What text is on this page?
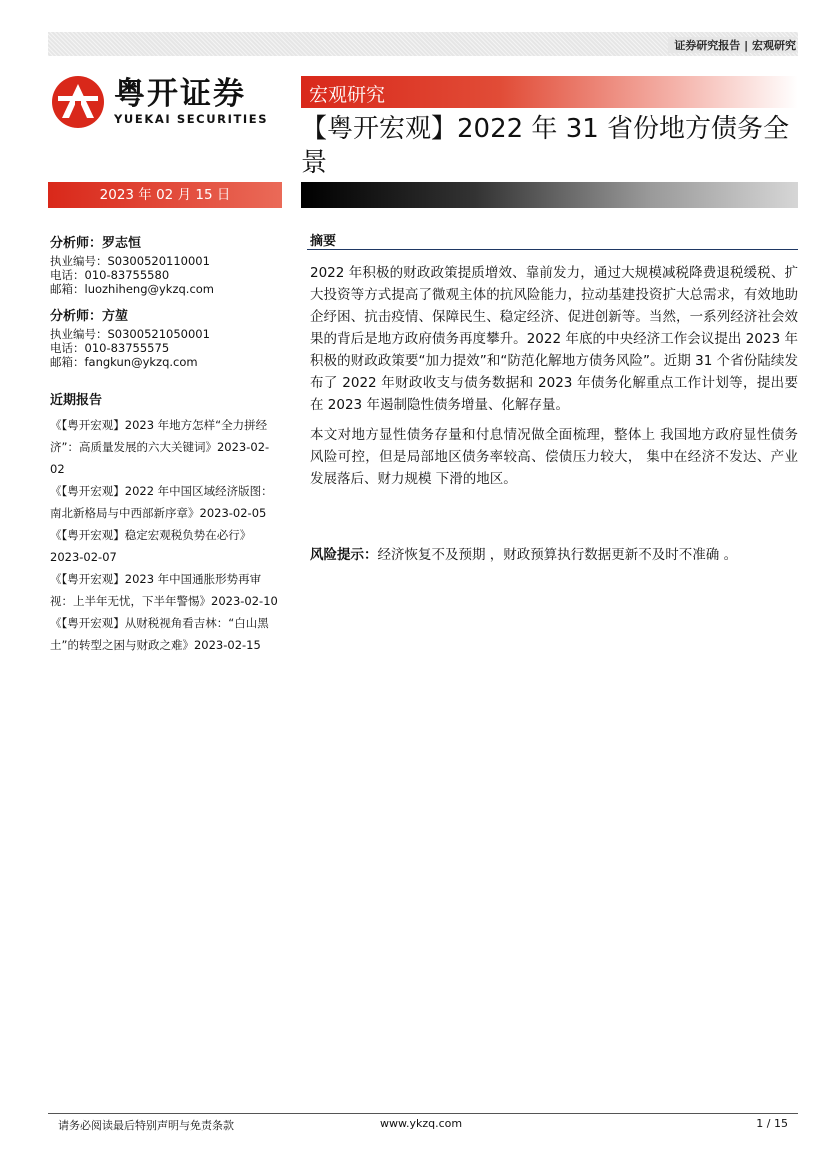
证券研究报告 | 宏观研究
粤开证券
YUEKAI SECURITIES
宏观研究
【粤开宏观】2022 年 31 省份地方债务全景
2023 年 02 月 15 日
分析师：罗志恒
执业编号：S0300520110001
电话：010-83755580
邮箱：luozhiheng@ykzq.com
分析师：方堃
执业编号：S0300521050001
电话：010-83755575
邮箱：fangkun@ykzq.com
近期报告
《【粤开宏观】2023 年地方怎样“全力拼经济”：高质量发展的六大关键词》2023-02-02
《【粤开宏观】2022 年中国区域经济版图：南北新格局与中西部新序章》2023-02-05
《【粤开宏观】稳定宏观税负势在必行》2023-02-07
《【粤开宏观】2023 年中国通胀形势再审视：上半年无忧，下半年警惕》2023-02-10
《【粤开宏观】从财税视角看吉林：“白山黑土”的转型之困与财政之难》2023-02-15
摘要

2022 年积极的财政政策提质增效、靠前发力，通过大规模减税降费退税缓税、扩大投资等方式提高了微观主体的抗风险能力，拉动基建投资扩大总需求，有效地助企纾困、抗击疫情、保障民生、稳定经济、促进创新等。当然，一系列经济社会效果的背后是地方政府债务再度攀升。2022 年底的中央经济工作会议提出 2023 年积极的财政政策要“加力提效”和“防范化解地方债务风险”。近期 31 个省份陆续发布了 2022 年财政收支与债务数据和 2023 年债务化解重点工作计划等，提出要在 2023 年遏制隐性债务增量、化解存量。

本文对地方显性债务存量和付息情况做全面梳理，整体上 我国地方政府显性债务风险可控，但是局部地区债务率较高、偿债压力较大， 集中在经济不发达、产业发展落后、财力规模 下滑的地区。

风险提示：经济恢复不及预期 ，财政预算执行数据更新不及时不准确 。
请务必阅读最后特别声明与免责条款	www.ykzq.com	1 / 15
